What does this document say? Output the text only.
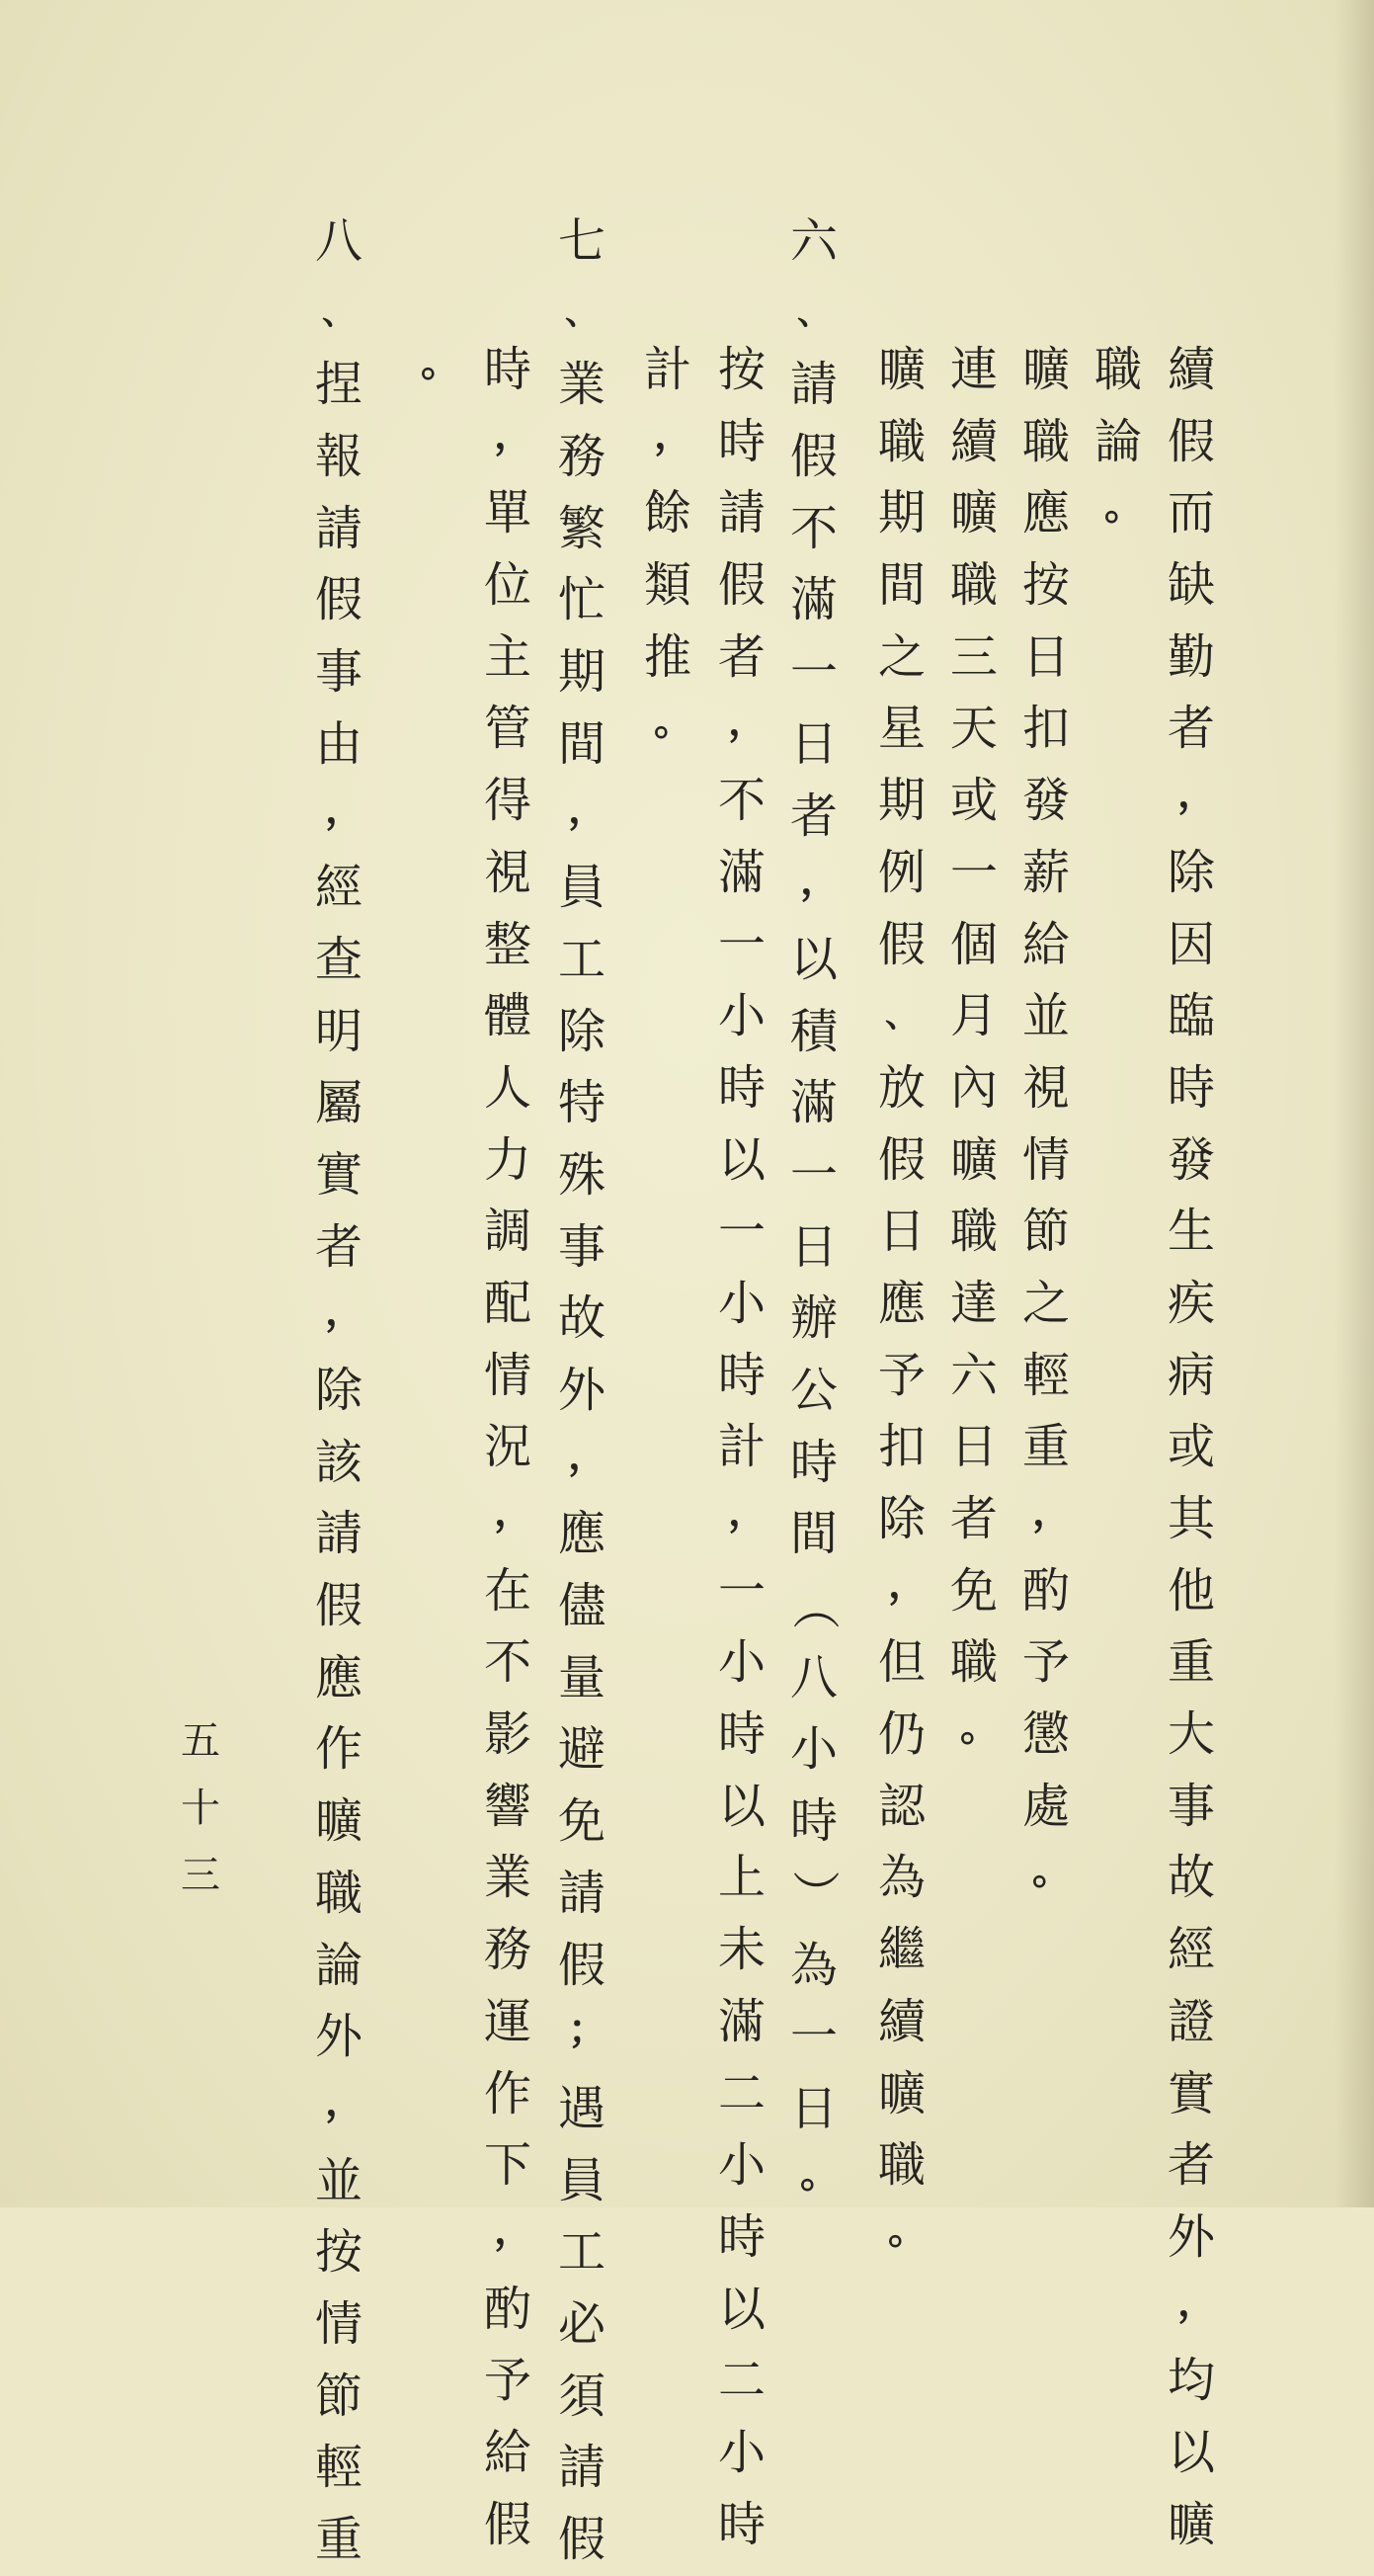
續
假
而
缺
勤
者
，
除
因
臨
時
發
生
疾
病
或
其
他
重
大
事
故
經
證
實
者
外
，
均
以
曠
職
論
。
曠
職
應
按
日
扣
發
薪
給
並
視
情
節
之
輕
重
，
酌
予
懲
處
。
連
續
曠
職
三
天
或
一
個
月
內
曠
職
達
六
日
者
免
職
。
曠
職
期
間
之
星
期
例
假
、
放
假
日
應
予
扣
除
，
但
仍
認
為
繼
續
曠
職
。
六
、
請
假
不
滿
一
日
者
，
以
積
滿
一
日
辦
公
時
間
（
八
小
時
）
為
一
日
。
按
時
請
假
者
，
不
滿
一
小
時
以
一
小
時
計
，
一
小
時
以
上
未
滿
二
小
時
以
二
小
時
計
，
餘
類
推
。
七
、
業
務
繁
忙
期
間
，
員
工
除
特
殊
事
故
外
，
應
儘
量
避
免
請
假
；
遇
員
工
必
須
請
假
時
，
單
位
主
管
得
視
整
體
人
力
調
配
情
況
，
在
不
影
響
業
務
運
作
下
，
酌
予
給
假
。
八
、
捏
報
請
假
事
由
，
經
查
明
屬
實
者
，
除
該
請
假
應
作
曠
職
論
外
，
並
按
情
節
輕
重
五
十
三
